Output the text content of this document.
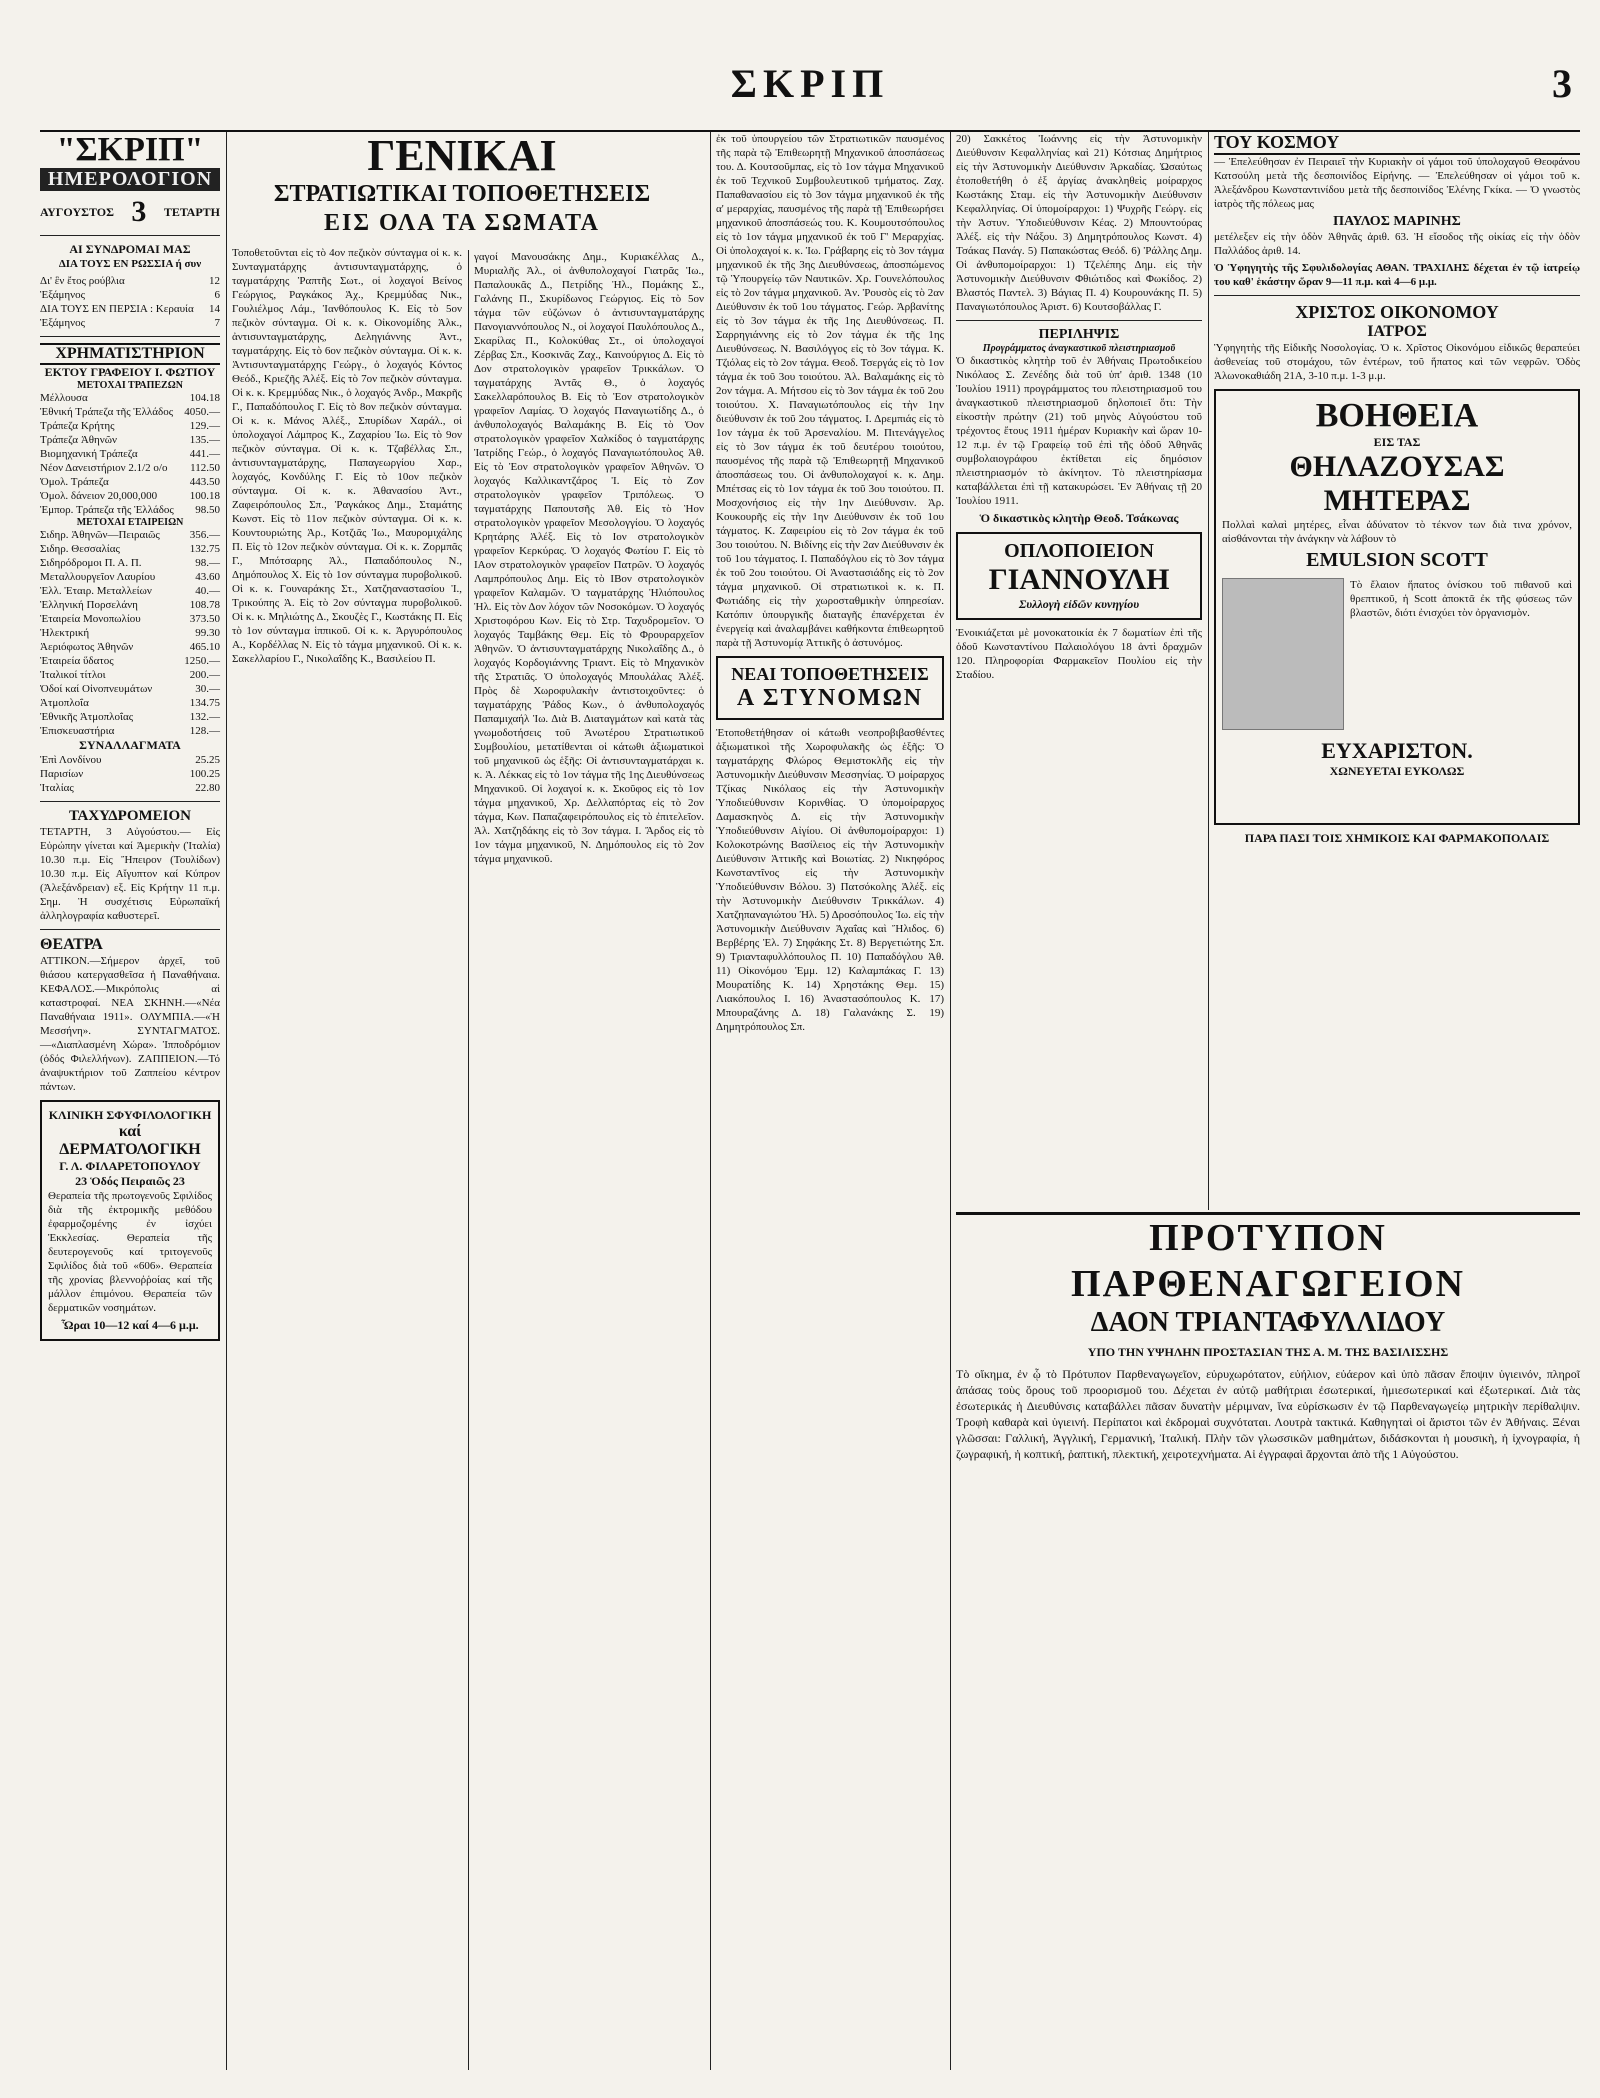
ΣΚΡΙΠ	3
"ΣΚΡΙΠ"
ΗΜΕΡΟΛΟΓΙΟΝ
ΑΥΓΟΥΣΤΟΣ 3 ΤΕΤΑΡΤΗ
ΑΙ ΣΥΝΔΡΟΜΑΙ ΜΑΣ
ΔΙΑ ΤΟΥΣ ΕΝ ΡΩΣΣΙΑ ή συν
Δι' ἓν ἔτος ρούβλια	12
Ἑξάμηνος	6
ΔΙΑ ΤΟΥΣ ΕΝ ΠΕΡΣΙΑ : Κεραυία 14
Ἑξάμηνος	7
ΧΡΗΜΑΤΙΣΤΗΡΙΟΝ
ΕΚΤΟΥ ΓΡΑΦΕΙΟΥ Ι. ΦΩΤΙΟΥ
ΜΕΤΟΧΑΙ ΤΡΑΠΕΖΩΝ
Μέλλουσα	104.18
Ἐθνική Τράπεζα τῆς Ἑλλάδος 4050.—
Τράπεζα Κρήτης	129.—
Τράπεζα Ἀθηνῶν	135.—
Βιομηχανική Τράπεζα	441.—
Νέον Δανειστήριον 2.1/2 ο/ο 112.50
Ὁμολ. Τράπεζα	443.50
Ὁμολ. δάνειον 20,000,000	100.18
Ἐμπορ. Τράπεζα τῆς Ἑλλάδος 98.50
ΜΕΤΟΧΑΙ ΕΤΑΙΡΕΙΩΝ
Σιδηρ. Ἀθηνῶν—Πειραιῶς	356.—
Σιδηρ. Θεσσαλίας	132.75
Σιδηρόδρομοι Π. Α. Π.	98.—
Μεταλλουργεῖον Λαυρίου	43.60
Ἑλλ. Ἐταιρ. Μεταλλείων	40.—
Ἑλληνική Πορσελάνη	108.78
Ἑταιρεία Μονοπωλίου	373.50
Ἠλεκτρική	99.30
Ἀεριόφωτος Ἀθηνῶν	465.10
Ἑταιρεία ὕδατος	1250.—
Ἰταλικοί τίτλοι	200.—
Ὀδοί καί Οἰνοπνευμάτων	30.—
Ἀτμοπλοΐα	134.75
Ἐθνικῆς Ἀτμοπλοΐας	132.—
Ἐπισκευαστήρια	128.—
ΣΥΝΑΛΛΑΓΜΑΤΑ
Ἐπὶ Λονδίνου	25.25
Παρισίων	100.25
Ἰταλίας	22.80
ΤΑΧΥΔΡΟΜΕΙΟΝ

ΤΕΤΑΡΤΗ, 3 Αὐγούστου.— Εἰς Εὐρώπην γίνεται καί Ἀμερικὴν (Ἰταλία) 10.30 π.μ. Εἰς Ἤπειρον (Τουλίδων) 10.30 π.μ. Εἰς Αἴγυπτον καί Κύπρον (Ἀλεξάνδρειαν) εξ. Εἰς Κρήτην 11 π.μ. Σημ. Ἡ συσχέτισις Εὐρωπαϊκή ἀλληλογραφία καθυστερεῖ.

ΘΕΑΤΡΑ

ΑΤΤΙΚΟΝ.—Σήμερον ἀρχεῖ, τοῦ θιάσου κατεργασθεῖσα ἡ Παναθήναια. ΚΕΦΑΛΟΣ.—Μικρόπολις αἱ καταστροφαί. ΝΕΑ ΣΚΗΝΗ.—«Νέα Παναθήναια 1911». ΟΛΥΜΠΙΑ.—«Ἡ Μεσσήνη». ΣΥΝΤΑΓΜΑΤΟΣ.—«Διαπλασμένη Χώρα». Ἰπποδρόμιον (ὁδός Φιλελλήνων). ΖΑΠΠΕΙΟΝ.—Τό ἀναψυκτήριον τοῦ Ζαππείου κέντρον πάντων.

ΚΛΙΝΙΚΗ ΣΦΥΦΙΛΟΛΟΓΙΚΗ
καί ΔΕΡΜΑΤΟΛΟΓΙΚΗ
Γ. Λ. ΦΙΛΑΡΕΤΟΠΟΥΛΟΥ
23 Ὁδός Πειραιῶς 23

Θεραπεία τῆς πρωτογενοῦς Σφιλίδος διὰ τῆς ἐκτρομικῆς μεθόδου ἐφαρμοζομένης ἐν ἰσχύει Ἐκκλεσίας. Θεραπεία τῆς δευτερογενοῦς καί τριτογενοῦς Σφιλίδος διὰ τοῦ «606». Θεραπεία τῆς χρονίας βλεννοῤῥοίας καί τῆς μάλλον ἐπιμόνου. Θεραπεία τῶν δερματικῶν νοσημάτων.

Ὧραι 10—12 καί 4—6 μ.μ.
ΓΕΝΙΚΑΙ
ΣΤΡΑΤΙΩΤΙΚΑΙ ΤΟΠΟΘΕΤΗΣΕΙΣ
ΕΙΣ ΟΛΑ ΤΑ ΣΩΜΑΤΑ

Τοποθετοῦνται εἰς τὸ 4ον πεζικὸν σύνταγμα οἱ κ. κ. Συνταγματάρχης ἀντισυνταγματάρχης, ὁ ταγματάρχης Ῥαπτῆς Σωτ., οἱ λοχαγοί Βείνος Γεώργιος, Ραγκάκος Ἀχ., Κρεμμύδας Νικ., Γουλιέλμος Λάμ., Ἰανθόπουλος Κ. Εἰς τὸ 5ον πεζικὸν σύνταγμα. Οἱ κ. κ. Οἰκονομίδης Ἀλκ., ἀντισυνταγματάρχης, Δεληγιάννης Ἀντ., ταγματάρχης. Εἰς τὸ 6ον πεζικὸν σύνταγμα. Οἱ κ. κ. Ἀντισυνταγματάρχης Γεώργ., ὁ λοχαγός Κόντος Θεόδ., Κριεζῆς Ἀλέξ. Εἰς τὸ 7ον πεζικὸν σύνταγμα. Οἱ κ. κ. Κρεμμύδας Νικ., ὁ λοχαγός Ἀνδρ., Μακρῆς Γ., Παπαδόπουλος Γ. Εἰς τὸ 8ον πεζικὸν σύνταγμα. Οἱ κ. κ. Μάνος Ἀλέξ., Σπυρίδων Χαράλ., οἱ ὑπολοχαγοί Λάμπρος Κ., Ζαχαρίου Ἰω. Εἰς τὸ 9ον πεζικὸν σύνταγμα. Οἱ κ. κ. Τζαβέλλας Σπ., ἀντισυνταγματάρχης, Παπαγεωργίου Χαρ., λοχαγός, Κονδύλης Γ. Εἰς τὸ 10ον πεζικὸν σύνταγμα. Οἱ κ. κ. Ἀθανασίου Ἀντ., Ζαφειρόπουλος Σπ., Ῥαγκάκος Δημ., Σταμάτης Κωνστ. Εἰς τὸ 11ον πεζικὸν σύνταγμα. Οἱ κ. κ. Κουντουριώτης Ἀρ., Κοτζιᾶς Ἰω., Μαυρομιχάλης Π. Εἰς τὸ 12ον πεζικὸν σύνταγμα. Οἱ κ. κ. Ζορμπᾶς Γ., Μπότσαρης Ἀλ., Παπαδόπουλος Ν., Δημόπουλος Χ. Εἰς τὸ 1ον σύνταγμα πυροβολικοῦ. Οἱ κ. κ. Γουναράκης Στ., Χατζηαναστασίου Ἰ., Τρικούπης Ἀ. Εἰς τὸ 2ον σύνταγμα πυροβολικοῦ. Οἱ κ. κ. Μηλιώτης Δ., Σκουζὲς Γ., Κωστάκης Π. Εἰς τὸ 1ον σύνταγμα ἱππικοῦ. Οἱ κ. κ. Ἀργυρόπουλος Α., Κορδέλλας Ν. Εἰς τὸ τάγμα μηχανικοῦ. Οἱ κ. κ. Σακελλαρίου Γ., Νικολαΐδης Κ., Βασιλείου Π.

γαγοί Μανουσάκης Δημ., Κυριακέλλας Δ., Μυριαλῆς Ἀλ., οἱ ἀνθυπολοχαγοί Γιατρᾶς Ἰω., Παπαλουκᾶς Δ., Πετρίδης Ἠλ., Πομάκης Σ., Γαλάνης Π., Σκυρίδωνος Γεώργιος. Εἰς τὸ 5ον τάγμα τῶν εὐζώνων ὁ ἀντισυνταγματάρχης Πανογιαννόπουλος Ν., οἱ λοχαγοί Παυλόπουλος Δ., Σκαρίλας Π., Κολοκύθας Στ., οἱ ὑπολοχαγοί Ζέρβας Σπ., Κοσκινᾶς Ζαχ., Καινούργιος Δ. Εἰς τὸ Δον στρατολογικὸν γραφεῖον Τρικκάλων. Ὁ ταγματάρχης Ἀντᾶς Θ., ὁ λοχαγός Σακελλαρόπουλος Β. Εἰς τὸ Ἐον στρατολογικὸν γραφεῖον Λαμίας. Ὁ λοχαγός Παναγιωτίδης Δ., ὁ ἀνθυπολοχαγός Βαλαμάκης Β. Εἰς τὸ Ὀον στρατολογικὸν γραφεῖον Χαλκίδος ὁ ταγματάρχης Ἰατρίδης Γεώρ., ὁ λοχαγός Παναγιωτόπουλος Ἀθ. Εἰς τὸ Ἐον στρατολογικὸν γραφεῖον Ἀθηνῶν. Ὁ λοχαγός Καλλικαντζάρος Ἰ. Εἰς τὸ Ζον στρατολογικὸν γραφεῖον Τριπόλεως. Ὁ ταγματάρχης Παπουτσῆς Ἀθ. Εἰς τὸ Ἡον στρατολογικὸν γραφεῖον Μεσολογγίου. Ὁ λοχαγός Κρητάρης Ἀλέξ. Εἰς τὸ Ιον στρατολογικὸν γραφεῖον Κερκύρας. Ὁ λοχαγός Φωτίου Γ. Εἰς τὸ ΙΑον στρατολογικὸν γραφεῖον Πατρῶν. Ὁ λοχαγός Λαμπρόπουλος Δημ. Εἰς τὸ ΙΒον στρατολογικὸν γραφεῖον Καλαμῶν. Ὁ ταγματάρχης Ἠλιόπουλος Ἠλ. Εἰς τὸν Δον λόχον τῶν Νοσοκόμων. Ὁ λοχαγός Χριστοφόρου Κων. Εἰς τὸ Στρ. Ταχυδρομεῖον. Ὁ λοχαγός Ταμβάκης Θεμ. Εἰς τὸ Φρουραρχεῖον Ἀθηνῶν. Ὁ ἀντισυνταγματάρχης Νικολαΐδης Δ., ὁ λοχαγός Κορδογιάννης Τριαντ. Εἰς τὸ Μηχανικὸν τῆς Στρατιᾶς. Ὁ ὑπολοχαγός Μπουλάλας Ἀλέξ. Πρὸς δὲ Χωροφυλακὴν ἀντιστοιχοῦντες: ὁ ταγματάρχης Ῥάδος Κων., ὁ ἀνθυπολοχαγός Παπαμιχαήλ Ἰω. Διὰ Β. Διαταγμάτων καὶ κατὰ τὰς γνωμοδοτήσεις τοῦ Ἀνωτέρου Στρατιωτικοῦ Συμβουλίου, μετατίθενται οἱ κάτωθι ἀξιωματικοὶ τοῦ μηχανικοῦ ὡς ἑξῆς: Οἱ ἀντισυνταγματάρχαι κ. κ. Ἀ. Λέκκας εἰς τὸ 1ον τάγμα τῆς 1ης Διευθύνσεως Μηχανικοῦ. Οἱ λοχαγοί κ. κ. Σκοῦφος εἰς τὸ 1ον τάγμα μηχανικοῦ, Χρ. Δελλαπόρτας εἰς τὸ 2ον τάγμα, Κων. Παπαζαφειρόπουλος εἰς τὸ ἐπιτελεῖον. Ἀλ. Χατζηδάκης εἰς τὸ 3ον τάγμα. Ι. Ἄρδος εἰς τὸ 1ον τάγμα μηχανικοῦ, Ν. Δημόπουλος εἰς τὸ 2ον τάγμα μηχανικοῦ.

ἐκ τοῦ ὑπουργείου τῶν Στρατιωτικῶν παυσμένος τῆς παρὰ τῷ Ἐπιθεωρητῇ Μηχανικοῦ ἀποσπάσεως του. Δ. Κουτσοῦμπας, εἰς τὸ 1ον τάγμα Μηχανικοῦ ἐκ τοῦ Τεχνικοῦ Συμβουλευτικοῦ τμήματος. Ζαχ. Παπαθανασίου εἰς τὸ 3ον τάγμα μηχανικοῦ ἐκ τῆς α' μεραρχίας, παυσμένος τῆς παρὰ τῇ Ἐπιθεωρήσει μηχανικοῦ ἀποσπάσεώς του. Κ. Κουμουτσόπουλος εἰς τὸ 1ον τάγμα μηχανικοῦ ἐκ τοῦ Γ' Μεραρχίας. Οἱ ὑπολοχαγοί κ. κ. Ἰω. Γράβαρης εἰς τὸ 3ον τάγμα μηχανικοῦ ἐκ τῆς 3ης Διευθύνσεως, ἀποσπώμενος τῷ Ὑπουργείῳ τῶν Ναυτικῶν. Χρ. Γουνελόπουλος εἰς τὸ 2ον τάγμα μηχανικοῦ. Ἀν. Ῥουσὸς εἰς τὸ 2αν Διεύθυνσιν ἐκ τοῦ 1ου τάγματος. Γεώρ. Ἀρβανίτης εἰς τὸ 3ον τάγμα ἐκ τῆς 1ης Διευθύνσεως. Π. Σαρρηγιάννης εἰς τὸ 2ον τάγμα ἐκ τῆς 1ης Διευθύνσεως. Ν. Βασιλόγγος εἰς τὸ 3ον τάγμα. Κ. Τζιόλας εἰς τὸ 2ον τάγμα. Θεοδ. Τσεργάς εἰς τὸ 1ον τάγμα ἐκ τοῦ 3ου τοιούτου. Ἀλ. Βαλαμάκης εἰς τὸ 2ον τάγμα. Α. Μήτσου εἰς τὸ 3ον τάγμα ἐκ τοῦ 2ου τοιούτου. Χ. Παναγιωτόπουλος εἰς τὴν 1ην διεύθυνσιν ἐκ τοῦ 2ου τάγματος. Ι. Δρεμπιάς εἰς τὸ 1ον τάγμα ἐκ τοῦ Ἀρσεναλίου. Μ. Πιτενάγγελος εἰς τὸ 3ον τάγμα ἐκ τοῦ δευτέρου τοιούτου, παυσμένος τῆς παρὰ τῷ Ἐπιθεωρητῇ Μηχανικοῦ ἀποσπάσεως του. Οἱ ἀνθυπολοχαγοί κ. κ. Δημ. Μπέτσας εἰς τὸ 1ον τάγμα ἐκ τοῦ 3ου τοιούτου. Π. Μοσχονήσιος εἰς τὴν 1ην Διεύθυνσιν. Ἀρ. Κουκουρῆς εἰς τὴν 1ην Διεύθυνσιν ἐκ τοῦ 1ου τάγματος. Κ. Ζαφειρίου εἰς τὸ 2ον τάγμα ἐκ τοῦ 3ου τοιούτου. Ν. Βιδίνης εἰς τὴν 2αν Διεύθυνσιν ἐκ τοῦ 1ου τάγματος. Ι. Παπαδόγλου εἰς τὸ 3ον τάγμα ἐκ τοῦ 2ου τοιούτου. Οἱ Ἀναστασιάδης εἰς τὸ 2ον τάγμα μηχανικοῦ. Οἱ στρατιωτικοὶ κ. κ. Π. Φωτιάδης εἰς τὴν χωροσταθμικὴν ὑπηρεσίαν. Κατόπιν ὑπουργικῆς διαταγῆς ἐπανέρχεται ἐν ἐνεργείᾳ καὶ ἀναλαμβάνει καθήκοντα ἐπιθεωρητοῦ παρὰ τῇ Ἀστυνομίᾳ Ἀττικῆς ὁ ἀστυνόμος.

ΝΕΑΙ ΤΟΠΟΘΕΤΗΣΕΙΣ
Α ΣΤΥΝΟΜΩΝ

Ἐτοποθετήθησαν οἱ κάτωθι νεοπροβιβασθέντες ἀξιωματικοὶ τῆς Χωροφυλακῆς ὡς ἑξῆς: Ὁ ταγματάρχης Φλώρος Θεμιστοκλῆς εἰς τὴν Ἀστυνομικὴν Διεύθυνσιν Μεσσηνίας. Ὁ μοίραρχος Τζίκας Νικόλαος εἰς τὴν Ἀστυνομικὴν Ὑποδιεύθυνσιν Κορινθίας. Ὁ ὑπομοίραρχος Δαμασκηνὸς Δ. εἰς τὴν Ἀστυνομικὴν Ὑποδιεύθυνσιν Αἰγίου. Οἱ ἀνθυπομοίραρχοι: 1) Κολοκοτρώνης Βασίλειος εἰς τὴν Ἀστυνομικὴν Διεύθυνσιν Ἀττικῆς καὶ Βοιωτίας. 2) Νικηφόρος Κωνσταντῖνος εἰς τὴν Ἀστυνομικὴν Ὑποδιεύθυνσιν Βόλου. 3) Πατσόκολης Ἀλέξ. εἰς τὴν Ἀστυνομικὴν Διεύθυνσιν Τρικκάλων. 4) Χατζηπαναγιώτου Ἠλ. 5) Δροσόπουλος Ἰω. εἰς τὴν Ἀστυνομικὴν Διεύθυνσιν Ἀχαΐας καὶ Ἤλιδος. 6) Βερβέρης Ἐλ. 7) Σηφάκης Στ. 8) Βεργετιώτης Σπ. 9) Τριανταφυλλόπουλος Π. 10) Παπαδόγλου Ἀθ. 11) Οἰκονόμου Ἐμμ. 12) Καλαμπάκας Γ. 13) Μουρατίδης Κ. 14) Χρηστάκης Θεμ. 15) Λιακόπουλος Ι. 16) Ἀναστασόπουλος Κ. 17) Μπουραζάνης Δ. 18) Γαλανάκης Σ. 19) Δημητρόπουλος Σπ.

20) Σακκέτος Ἰωάννης εἰς τὴν Ἀστυνομικὴν Διεύθυνσιν Κεφαλληνίας καὶ 21) Κότσιας Δημήτριος εἰς τὴν Ἀστυνομικὴν Διεύθυνσιν Ἀρκαδίας. Ὡσαύτως ἐτοποθετήθη ὁ ἐξ ἀργίας ἀνακληθεὶς μοίραρχος Κωστάκης Σταμ. εἰς τὴν Ἀστυνομικὴν Διεύθυνσιν Κεφαλληνίας. Οἱ ὑπομοίραρχοι: 1) Ψυχρῆς Γεώργ. εἰς τὴν Ἀστυν. Ὑποδιεύθυνσιν Κέας. 2) Μπουντούρας Ἀλέξ. εἰς τὴν Νάξου. 3) Δημητρόπουλος Κωνστ. 4) Τσάκας Πανάγ. 5) Παπακώστας Θεόδ. 6) Ῥάλλης Δημ. Οἱ ἀνθυπομοίραρχοι: 1) Τζελέπης Δημ. εἰς τὴν Ἀστυνομικὴν Διεύθυνσιν Φθιώτιδος καὶ Φωκίδος. 2) Βλαστός Παντελ. 3) Βάγιας Π. 4) Κουρουνάκης Π. 5) Παναγιωτόπουλος Ἀριστ. 6) Κουτσοβάλλας Γ.

ΠΕΡΙΛΗΨΙΣ
Προγράμματος ἀναγκαστικοῦ πλειστηριασμοῦ

Ὁ δικαστικὸς κλητὴρ τοῦ ἐν Ἀθήναις Πρωτοδικείου Νικόλαος Σ. Ζενέδης διὰ τοῦ ὑπ' ἀριθ. 1348 (10 Ἰουλίου 1911) προγράμματος του πλειστηριασμοῦ του ἀναγκαστικοῦ πλειστηριασμοῦ δηλοποιεῖ ὅτι: Τὴν εἰκοστὴν πρώτην (21) τοῦ μηνὸς Αὐγούστου τοῦ τρέχοντος ἔτους 1911 ἡμέραν Κυριακὴν καὶ ὥραν 10-12 π.μ. ἐν τῷ Γραφείῳ τοῦ ἐπὶ τῆς ὁδοῦ Ἀθηνᾶς συμβολαιογράφου ἐκτίθεται εἰς δημόσιον πλειστηριασμόν τὸ ἀκίνητον. Τὸ πλειστηρίασμα καταβάλλεται ἐπὶ τῇ κατακυρώσει. Ἐν Ἀθήναις τῇ 20 Ἰουλίου 1911.

Ὁ δικαστικὸς κλητὴρ Θεοδ. Τσάκωνας
ΟΠΛΟΠΟΙΕΙΟΝ
ΓΙΑΝΝΟΥΛΗ
Συλλογὴ εἰδῶν κυνηγίου

Ἐνοικιάζεται μὲ μονοκατοικία ἐκ 7 δωματίων ἐπὶ τῆς ὁδοῦ Κωνσταντίνου Παλαιολόγου 18 ἀντὶ δραχμῶν 120. Πληροφορίαι Φαρμακεῖον Πουλίου εἰς τὴν Σταδίου.

ΤΟΥ ΚΟΣΜΟΥ

— Ἐπελεύθησαν ἐν Πειραιεῖ τὴν Κυριακὴν οἱ γάμοι τοῦ ὑπολοχαγοῦ Θεοφάνου Κατσούλη μετὰ τῆς δεσποινίδος Εἰρήνης. — Ἐπελεύθησαν οἱ γάμοι τοῦ κ. Ἀλεξάνδρου Κωνσταντινίδου μετὰ τῆς δεσποινίδος Ἑλένης Γκίκα. — Ὁ γνωστὸς ἰατρὸς τῆς πόλεως μας

ΠΑΥΛΟΣ ΜΑΡΙΝΗΣ

μετέλεξεν εἰς τὴν ὁδὸν Ἀθηνᾶς ἀριθ. 63. Ἡ εἴσοδος τῆς οἰκίας εἰς τὴν ὁδὸν Παλλάδος ἀριθ. 14.

Ὁ Ὑφηγητὴς τῆς Σφυλιδολογίας ΑΘΑΝ. ΤΡΑΧΙΛΗΣ δέχεται ἐν τῷ ἰατρείῳ του καθ' ἑκάστην ὥραν 9—11 π.μ. καὶ 4—6 μ.μ.

ΧΡΙΣΤΟΣ ΟΙΚΟΝΟΜΟΥ
ΙΑΤΡΟΣ

Ὑφηγητὴς τῆς Εἰδικῆς Νοσολογίας. Ὁ κ. Χρῖστος Οἰκονόμου εἰδικῶς θεραπεύει ἀσθενείας τοῦ στομάχου, τῶν ἐντέρων, τοῦ ἥπατος καὶ τῶν νεφρῶν. Ὁδὸς Ἀλωνοκαθιάδη 21Α, 3-10 π.μ. 1-3 μ.μ.

ΒΟΗΘΕΙΑ
ΕΙΣ ΤΑΣ
ΘΗΛΑΖΟΥΣΑΣ
ΜΗΤΕΡΑΣ

Πολλαὶ καλαὶ μητέρες, εἶναι ἀδύνατον τὸ τέκνον των διὰ τινα χρόνον, αἰσθάνονται τὴν ἀνάγκην νὰ λάβουν τὸ

EMULSION SCOTT

Τὸ ἔλαιον ἥπατος ὀνίσκου τοῦ πιθανοῦ καὶ θρεπτικοῦ, ἡ Scott ἀποκτᾶ ἐκ τῆς φύσεως τῶν βλαστῶν, διότι ἐνισχύει τὸν ὀργανισμὸν.

ΕΥΧΑΡΙΣΤΟΝ.
ΧΩΝΕΥΕΤΑΙ ΕΥΚΟΛΩΣ
ΠΑΡΑ ΠΑΣΙ ΤΟΙΣ ΧΗΜΙΚΟΙΣ ΚΑΙ ΦΑΡΜΑΚΟΠΟΛΑΙΣ
ΠΡΟΤΥΠΟΝ ΠΑΡΘΕΝΑΓΩΓΕΙΟΝ
ΔΑΟΝ ΤΡΙΑΝΤΑΦΥΛΛΙΔΟΥ
ΥΠΟ ΤΗΝ ΥΨΗΛΗΝ ΠΡΟΣΤΑΣΙΑΝ ΤΗΣ Α. Μ. ΤΗΣ ΒΑΣΙΛΙΣΣΗΣ

Τὸ οἴκημα, ἐν ᾧ τὸ Πρότυπον Παρθεναγωγεῖον, εὐρυχωρότατον, εὐήλιον, εὐάερον καὶ ὑπὸ πᾶσαν ἔποψιν ὑγιεινόν, πληροῖ ἁπάσας τοὺς ὅρους τοῦ προορισμοῦ του. Δέχεται ἐν αὐτῷ μαθήτριαι ἐσωτερικαί, ἡμιεσωτερικαί καὶ ἐξωτερικαί. Διὰ τὰς ἐσωτερικάς ἡ Διευθύνσις καταβάλλει πᾶσαν δυνατὴν μέριμναν, ἵνα εὑρίσκωσιν ἐν τῷ Παρθεναγωγείῳ μητρικὴν περίθαλψιν. Τροφὴ καθαρὰ καὶ ὑγιεινή. Περίπατοι καὶ ἐκδρομαὶ συχνόταται. Λουτρὰ τακτικά. Καθηγηταὶ οἱ ἄριστοι τῶν ἐν Ἀθήναις. Ξέναι γλῶσσαι: Γαλλική, Ἀγγλική, Γερμανική, Ἰταλική. Πλὴν τῶν γλωσσικῶν μαθημάτων, διδάσκονται ἡ μουσικὴ, ἡ ἰχνογραφία, ἡ ζωγραφική, ἡ κοπτική, ῥαπτική, πλεκτική, χειροτεχνήματα. Αἱ ἐγγραφαὶ ἄρχονται ἀπὸ τῆς 1 Αὐγούστου.
